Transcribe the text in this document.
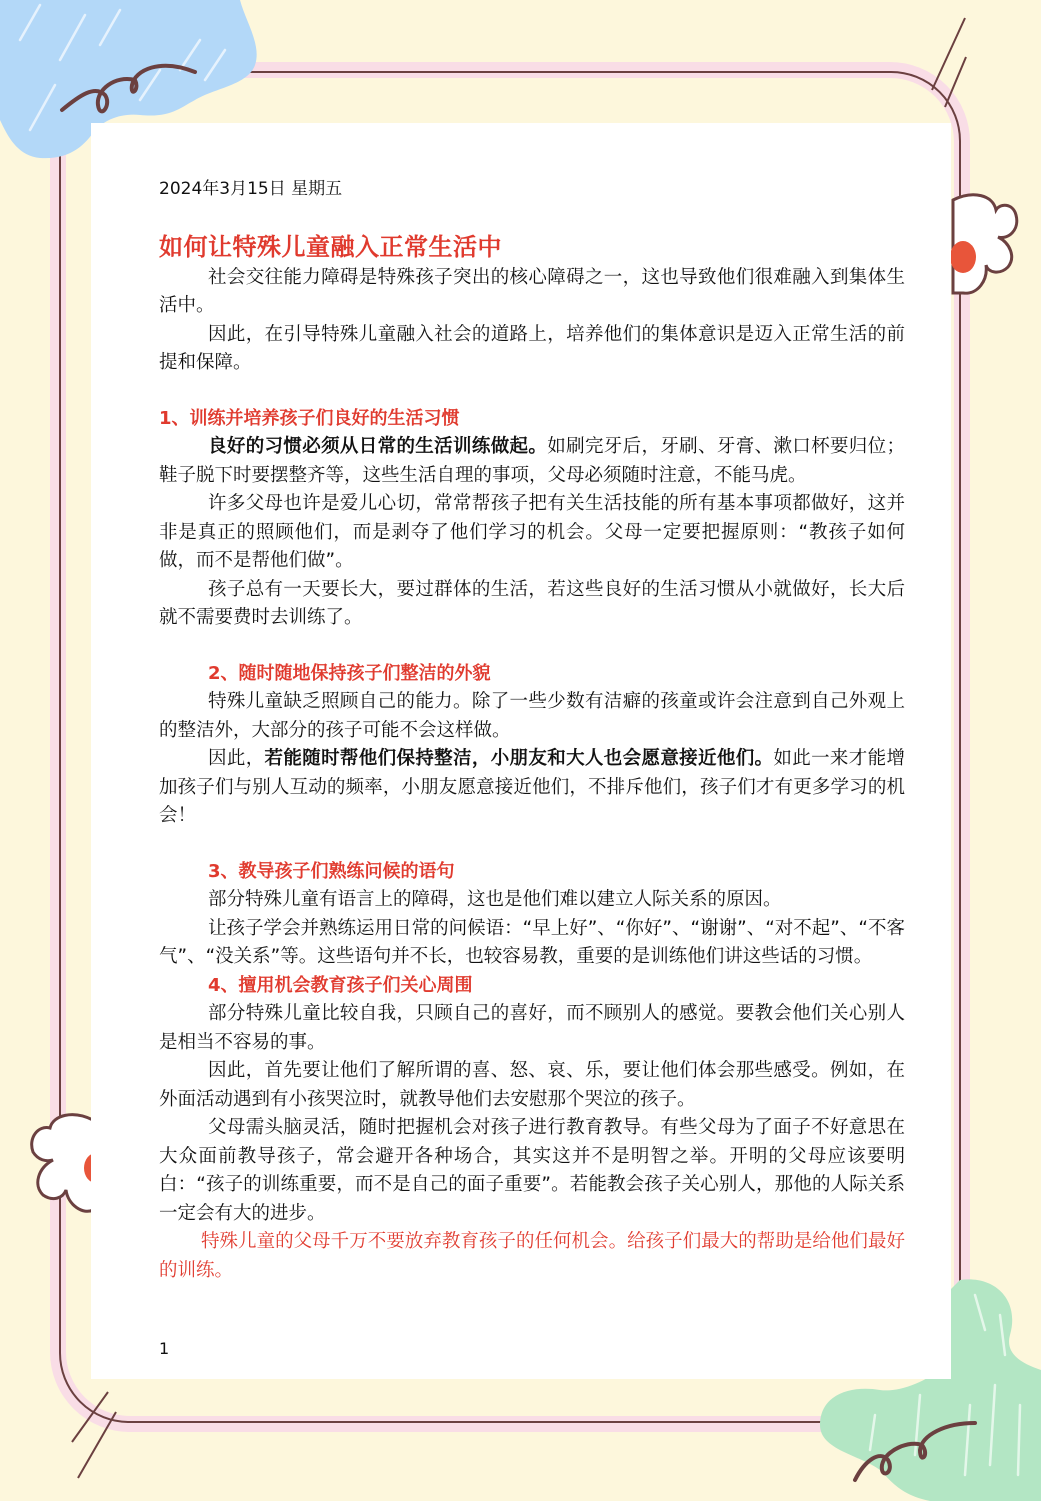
2024年3月15日 星期五
如何让特殊儿童融入正常生活中
社会交往能力障碍是特殊孩子突出的核心障碍之一，这也导致他们很难融入到集体生活中。
因此，在引导特殊儿童融入社会的道路上，培养他们的集体意识是迈入正常生活的前提和保障。
1、训练并培养孩子们良好的生活习惯
良好的习惯必须从日常的生活训练做起。如刷完牙后，牙刷、牙膏、漱口杯要归位；鞋子脱下时要摆整齐等，这些生活自理的事项，父母必须随时注意，不能马虎。
许多父母也许是爱儿心切，常常帮孩子把有关生活技能的所有基本事项都做好，这并非是真正的照顾他们，而是剥夺了他们学习的机会。父母一定要把握原则：“教孩子如何做，而不是帮他们做”。
孩子总有一天要长大，要过群体的生活，若这些良好的生活习惯从小就做好，长大后就不需要费时去训练了。
2、随时随地保持孩子们整洁的外貌
特殊儿童缺乏照顾自己的能力。除了一些少数有洁癖的孩童或许会注意到自己外观上的整洁外，大部分的孩子可能不会这样做。
因此，若能随时帮他们保持整洁，小朋友和大人也会愿意接近他们。如此一来才能增加孩子们与别人互动的频率，小朋友愿意接近他们，不排斥他们，孩子们才有更多学习的机会！
3、教导孩子们熟练问候的语句
部分特殊儿童有语言上的障碍，这也是他们难以建立人际关系的原因。
让孩子学会并熟练运用日常的问候语：“早上好”、“你好”、“谢谢”、“对不起”、“不客气”、“没关系”等。这些语句并不长，也较容易教，重要的是训练他们讲这些话的习惯。
4、擅用机会教育孩子们关心周围
部分特殊儿童比较自我，只顾自己的喜好，而不顾别人的感觉。要教会他们关心别人是相当不容易的事。
因此，首先要让他们了解所谓的喜、怒、哀、乐，要让他们体会那些感受。例如，在外面活动遇到有小孩哭泣时，就教导他们去安慰那个哭泣的孩子。
父母需头脑灵活，随时把握机会对孩子进行教育教导。有些父母为了面子不好意思在大众面前教导孩子，常会避开各种场合，其实这并不是明智之举。开明的父母应该要明白：“孩子的训练重要，而不是自己的面子重要”。若能教会孩子关心别人，那他的人际关系一定会有大的进步。
特殊儿童的父母千万不要放弃教育孩子的任何机会。给孩子们最大的帮助是给他们最好的训练。
1
